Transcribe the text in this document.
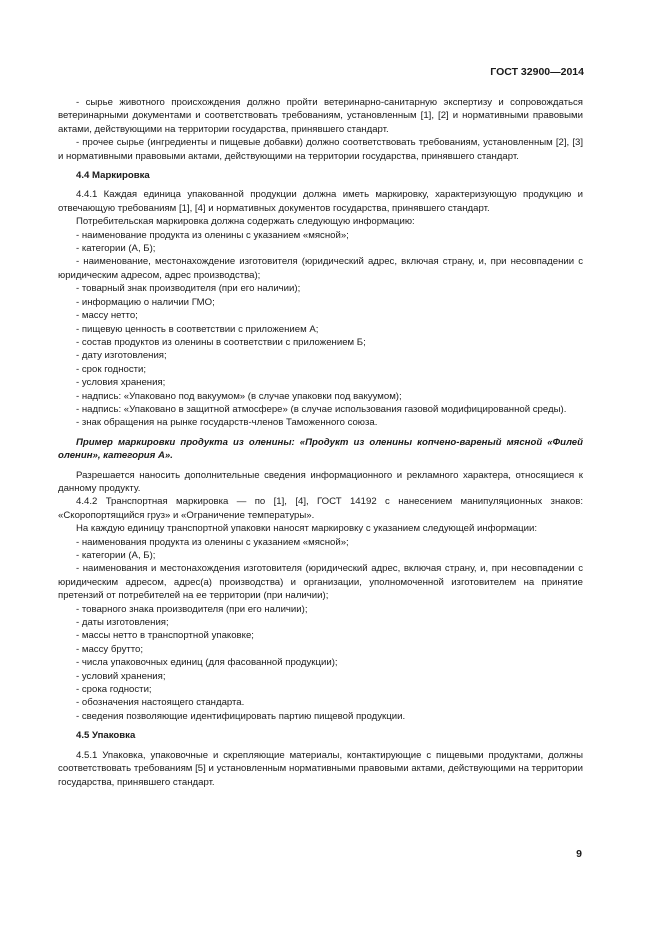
ГОСТ 32900—2014

- сырье животного происхождения должно пройти ветеринарно-санитарную экспертизу и сопровождаться ветеринарными документами и соответствовать требованиям, установленным [1], [2] и нормативными правовыми актами, действующими на территории государства, принявшего стандарт.

- прочее сырье (ингредиенты и пищевые добавки) должно соответствовать требованиям, установленным [2], [3] и нормативными правовыми актами, действующими на территории государства, принявшего стандарт.

4.4 Маркировка

4.4.1 Каждая единица упакованной продукции должна иметь маркировку, характеризующую продукцию и отвечающую требованиям [1], [4] и нормативных документов государства, принявшего стандарт.

Потребительская маркировка должна содержать следующую информацию:

- наименование продукта из оленины с указанием «мясной»;

- категории (А, Б);

- наименование, местонахождение изготовителя (юридический адрес, включая страну, и, при несовпадении с юридическим адресом, адрес производства);

- товарный знак производителя (при его наличии);

- информацию о наличии ГМО;

- массу нетто;

- пищевую ценность в соответствии с приложением А;

- состав продуктов из оленины в соответствии с приложением Б;

- дату изготовления;

- срок годности;

- условия хранения;

- надпись: «Упаковано под вакуумом» (в случае упаковки под вакуумом);

- надпись: «Упаковано в защитной атмосфере» (в случае использования газовой модифицированной среды).

- знак обращения на рынке государств-членов Таможенного союза.

Пример маркировки продукта из оленины: «Продукт из оленины копчено-вареный мясной «Филей оленин», категория А».

Разрешается наносить дополнительные сведения информационного и рекламного характера, относящиеся к данному продукту.

4.4.2 Транспортная маркировка — по [1], [4], ГОСТ 14192 с нанесением манипуляционных знаков: «Скоропортящийся груз» и «Ограничение температуры».

На каждую единицу транспортной упаковки наносят маркировку с указанием следующей информации:

- наименования продукта из оленины с указанием «мясной»;

- категории (А, Б);

- наименования и местонахождения изготовителя (юридический адрес, включая страну, и, при несовпадении с юридическим адресом, адрес(а) производства) и организации, уполномоченной изготовителем на принятие претензий от потребителей на ее территории (при наличии);

- товарного знака производителя (при его наличии);

- даты изготовления;

- массы нетто в транспортной упаковке;

- массу брутто;

- числа упаковочных единиц (для фасованной продукции);

- условий хранения;

- срока годности;

- обозначения настоящего стандарта.

- сведения позволяющие идентифицировать партию пищевой продукции.

4.5 Упаковка

4.5.1 Упаковка, упаковочные и скрепляющие материалы, контактирующие с пищевыми продуктами, должны соответствовать требованиям [5] и установленным нормативными правовыми актами, действующими на территории государства, принявшего стандарт.

9
